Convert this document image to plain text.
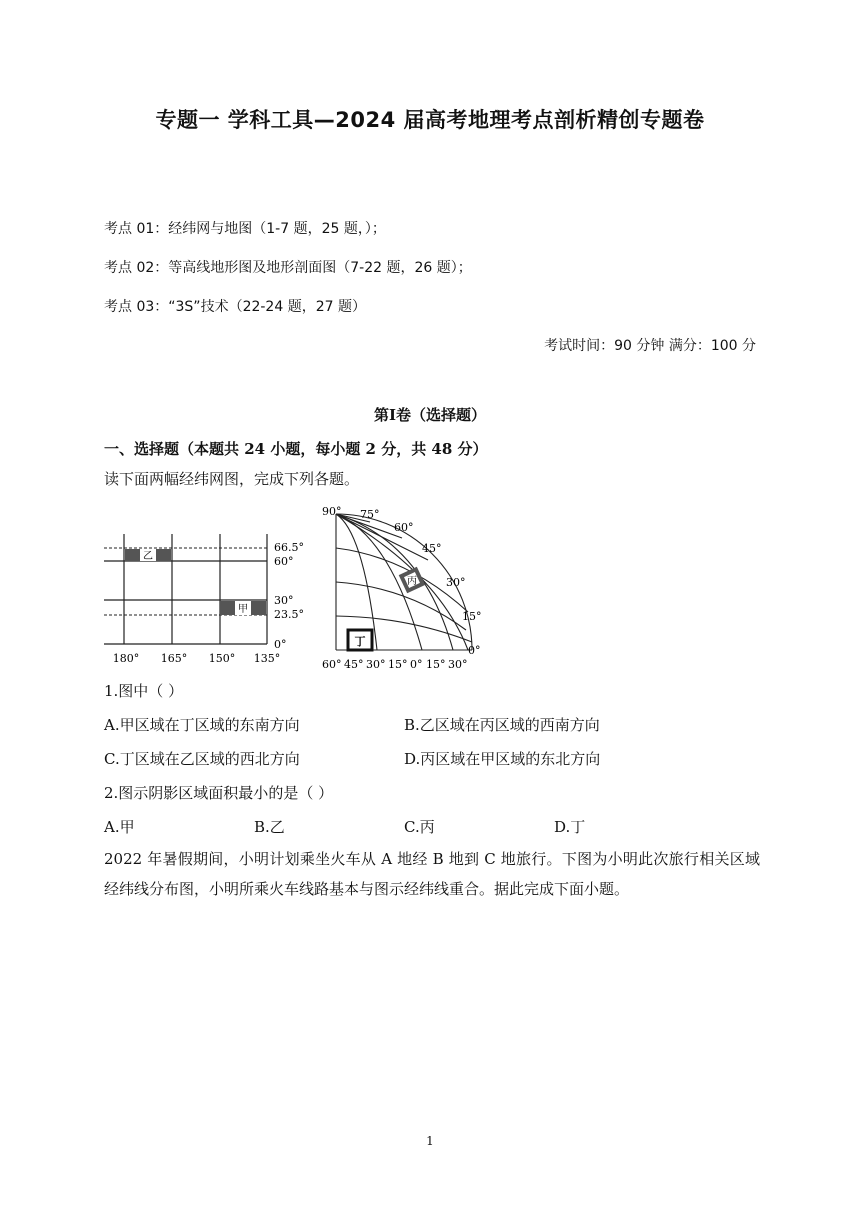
专题一 学科工具—2024 届高考地理考点剖析精创专题卷
考点 01：经纬网与地图（1-7 题，25 题，）；
考点 02：等高线地形图及地形剖面图（7-22 题，26 题）；
考点 03：“3S”技术（22-24 题，27 题）
考试时间：90 分钟 满分：100 分
第Ⅰ卷（选择题）
一、选择题（本题共 24 小题，每小题 2 分，共 48 分）
读下面两幅经纬网图，完成下列各题。
乙
甲
66.5°
60°
30°
23.5°
0°
180° 165° 150° 135°
丙
丁
90° 75°
60°
45°
30°
15°
0°
60° 45° 30° 15° 0° 15° 30°
1.图中（ ）
A.甲区域在丁区域的东南方向	B.乙区域在丙区域的西南方向
C.丁区域在乙区域的西北方向	D.丙区域在甲区域的东北方向
2.图示阴影区域面积最小的是（ ）
A.甲	B.乙	C.丙	D.丁
2022 年暑假期间，小明计划乘坐火车从 A 地经 B 地到 C 地旅行。下图为小明此次旅行相关区域经纬线分布图，小明所乘火车线路基本与图示经纬线重合。据此完成下面小题。
1
